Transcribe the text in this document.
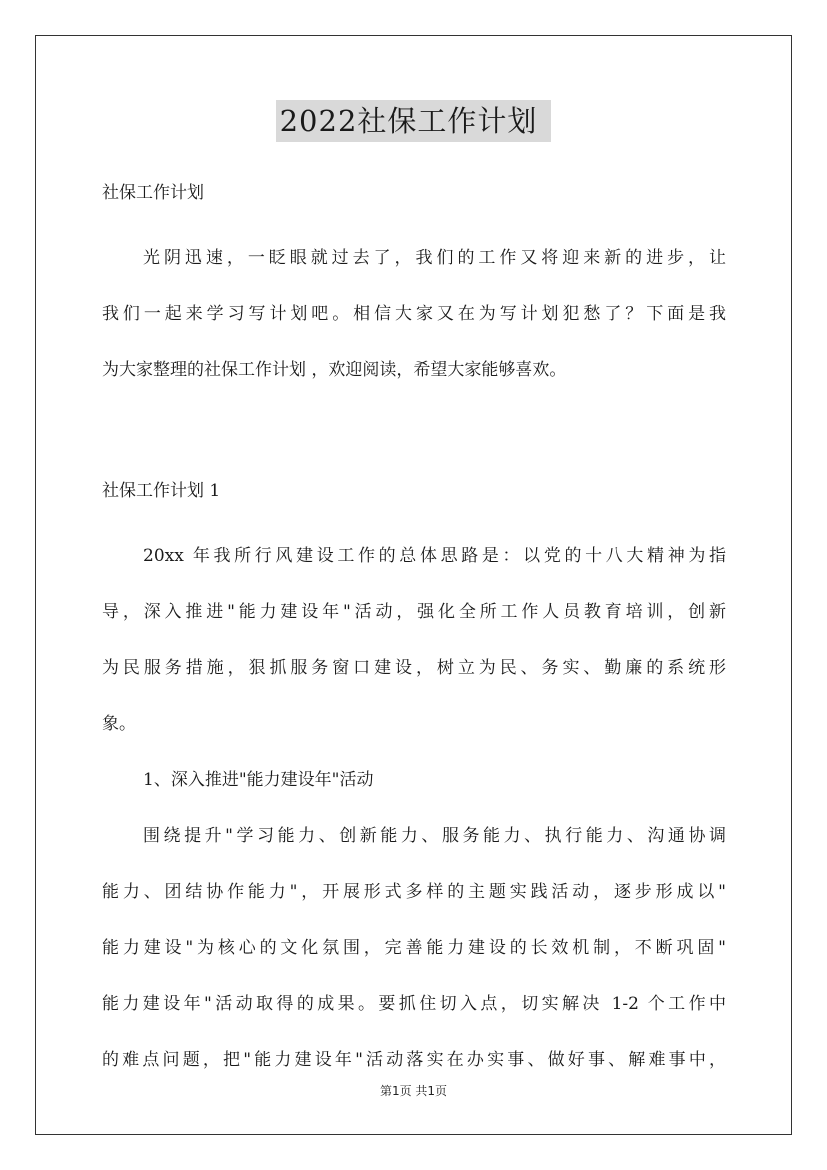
2022社保工作计划
社保工作计划
光阴迅速，一眨眼就过去了，我们的工作又将迎来新的进步，让
我们一起来学习写计划吧。相信大家又在为写计划犯愁了？下面是我
为大家整理的社保工作计划 ，欢迎阅读，希望大家能够喜欢。
社保工作计划 1
20xx 年我所行风建设工作的总体思路是：以党的十八大精神为指
导，深入推进"能力建设年"活动，强化全所工作人员教育培训，创新
为民服务措施，狠抓服务窗口建设，树立为民、务实、勤廉的系统形
象。
1、深入推进"能力建设年"活动
围绕提升"学习能力、创新能力、服务能力、执行能力、沟通协调
能力、团结协作能力"，开展形式多样的主题实践活动，逐步形成以"
能力建设"为核心的文化氛围，完善能力建设的长效机制，不断巩固"
能力建设年"活动取得的成果。要抓住切入点，切实解决 1-2 个工作中
的难点问题，把"能力建设年"活动落实在办实事、做好事、解难事中，
第1页 共1页
